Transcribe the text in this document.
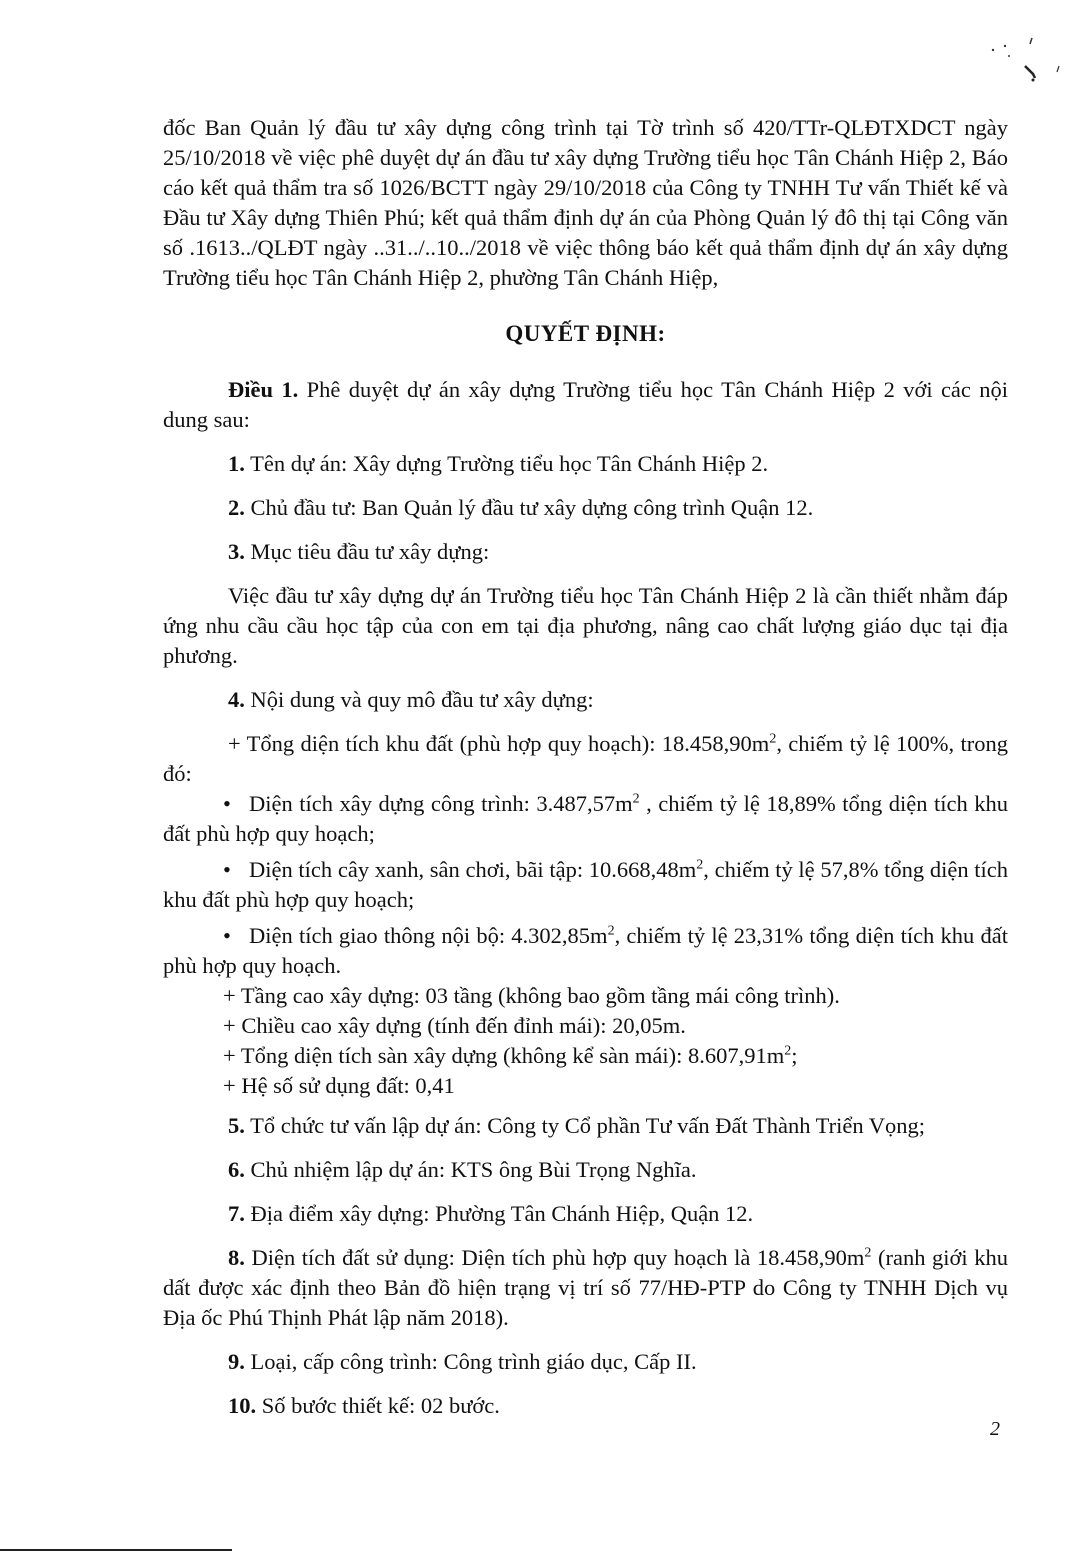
đốc Ban Quản lý đầu tư xây dựng công trình tại Tờ trình số 420/TTr-QLĐTXDCT ngày 25/10/2018 về việc phê duyệt dự án đầu tư xây dựng Trường tiểu học Tân Chánh Hiệp 2, Báo cáo kết quả thẩm tra số 1026/BCTT ngày 29/10/2018 của Công ty TNHH Tư vấn Thiết kế và Đầu tư Xây dựng Thiên Phú; kết quả thẩm định dự án của Phòng Quản lý đô thị tại Công văn số .1613../QLĐT ngày ..31../..10../2018 về việc thông báo kết quả thẩm định dự án xây dựng Trường tiểu học Tân Chánh Hiệp 2, phường Tân Chánh Hiệp,

QUYẾT ĐỊNH:

Điều 1. Phê duyệt dự án xây dựng Trường tiểu học Tân Chánh Hiệp 2 với các nội dung sau:

1. Tên dự án: Xây dựng Trường tiểu học Tân Chánh Hiệp 2.

2. Chủ đầu tư: Ban Quản lý đầu tư xây dựng công trình Quận 12.

3. Mục tiêu đầu tư xây dựng:

Việc đầu tư xây dựng dự án Trường tiểu học Tân Chánh Hiệp 2 là cần thiết nhằm đáp ứng nhu cầu cầu học tập của con em tại địa phương, nâng cao chất lượng giáo dục tại địa phương.

4. Nội dung và quy mô đầu tư xây dựng:

+ Tổng diện tích khu đất (phù hợp quy hoạch): $18.458,90m^2$, chiếm tỷ lệ 100%, trong đó:

• Diện tích xây dựng công trình: $3.487,57m^2$ , chiếm tỷ lệ 18,89% tổng diện tích khu đất phù hợp quy hoạch;

• Diện tích cây xanh, sân chơi, bãi tập: $10.668,48m^2$, chiếm tỷ lệ 57,8% tổng diện tích khu đất phù hợp quy hoạch;

• Diện tích giao thông nội bộ: $4.302,85m^2$, chiếm tỷ lệ 23,31% tổng diện tích khu đất phù hợp quy hoạch.

+ Tầng cao xây dựng: 03 tầng (không bao gồm tầng mái công trình).

+ Chiều cao xây dựng (tính đến đỉnh mái): 20,05m.

+ Tổng diện tích sàn xây dựng (không kể sàn mái): $8.607,91m^2$;

+ Hệ số sử dụng đất: 0,41

5. Tổ chức tư vấn lập dự án: Công ty Cổ phần Tư vấn Đất Thành Triển Vọng;

6. Chủ nhiệm lập dự án: KTS ông Bùi Trọng Nghĩa.

7. Địa điểm xây dựng: Phường Tân Chánh Hiệp, Quận 12.

8. Diện tích đất sử dụng: Diện tích phù hợp quy hoạch là $18.458,90m^2$ (ranh giới khu dất được xác định theo Bản đồ hiện trạng vị trí số 77/HĐ-PTP do Công ty TNHH Dịch vụ Địa ốc Phú Thịnh Phát lập năm 2018).

9. Loại, cấp công trình: Công trình giáo dục, Cấp II.

10. Số bước thiết kế: 02 bước.

2
